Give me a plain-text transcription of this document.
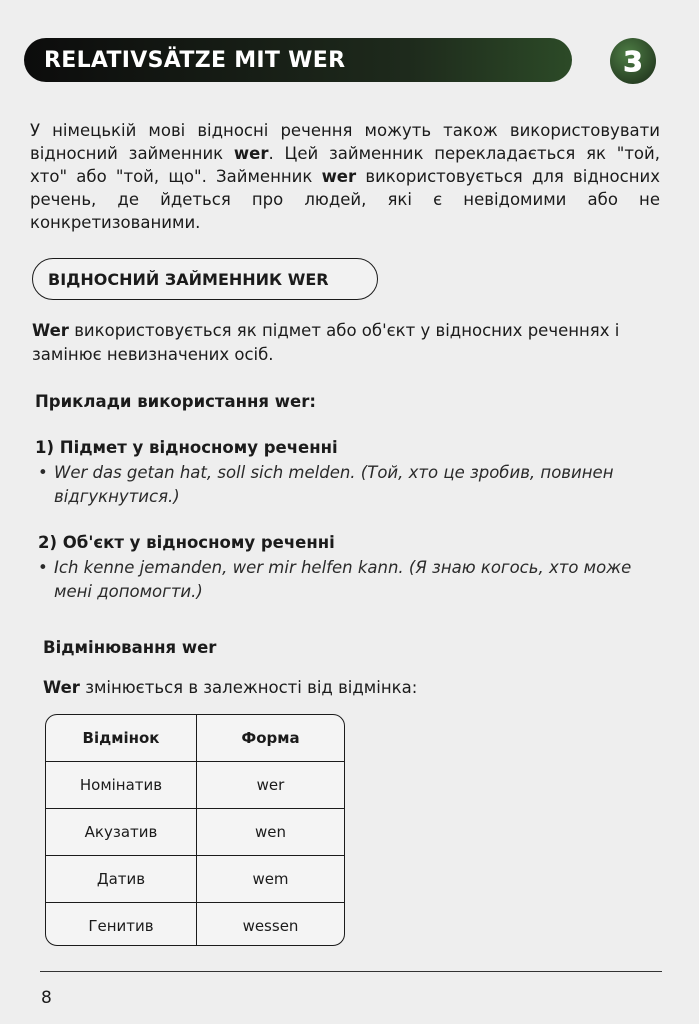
RELATIVSÄTZE MIT WER	3

У німецькій мові відносні речення можуть також використовувати відносний займенник wer. Цей займенник перекладається як "той, хто" або "той, що". Займенник wer використовується для відносних речень, де йдеться про людей, які є невідомими або не конкретизованими.

ВІДНОСНИЙ ЗАЙМЕННИК WER

Wer використовується як підмет або об'єкт у відносних реченнях і замінює невизначених осіб.

Приклади використання wer:

1) Підмет у відносному реченні

• Wer das getan hat, soll sich melden. (Той, хто це зробив, повинен відгукнутися.)

2) Об'єкт у відносному реченні

• Ich kenne jemanden, wer mir helfen kann. (Я знаю когось, хто може мені допомогти.)

Відмінювання wer

Wer змінюється в залежності від відмінка:

Відмінок	Форма
Номінатив	wer
Акузатив	wen
Датив	wem
Генитив	wessen
8
